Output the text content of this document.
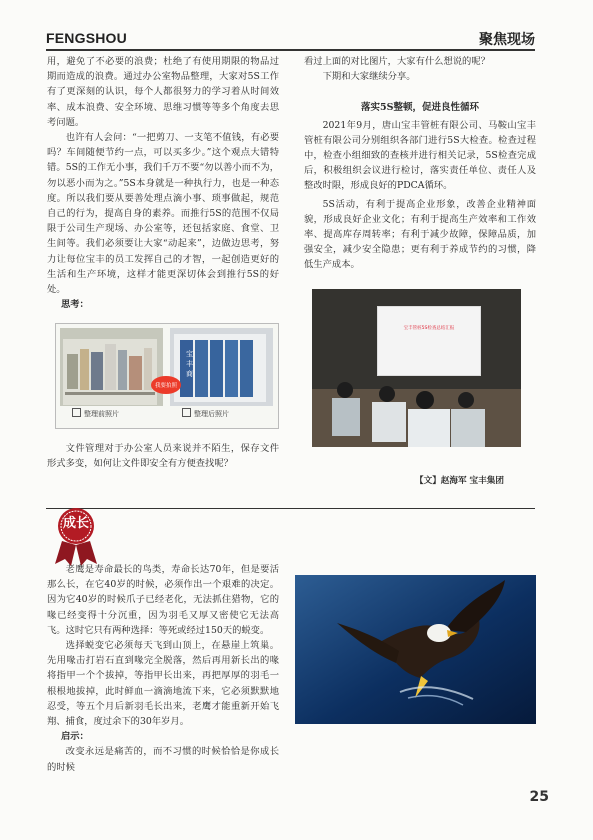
FENGSHOU	聚焦现场

用，避免了不必要的浪费；杜绝了有使用期限的物品过期而造成的浪费。通过办公室物品整理，大家对5S工作有了更深刻的认识，每个人都很努力的学习着从时间效率、成本浪费、安全环境、思维习惯等等多个角度去思考问题。

也许有人会问：“一把剪刀、一支笔不值钱，有必要吗？车间随便节约一点，可以买多少。”这个观点大错特错。5S的工作无小事，我们千万不要“勿以善小而不为，勿以恶小而为之。”5S本身就是一种执行力，也是一种态度。所以我们要从要善处理点滴小事、琐事做起，规范自己的行为，提高自身的素养。而推行5S的范围不仅局限于公司生产现场、办公室等，还包括家庭、食堂、卫生间等。我们必须要让大家“动起来”，边做边思考，努力让每位宝丰的员工发挥自己的才智，一起创造更好的生活和生产环境，这样才能更深切体会到推行5S的好处。

思考：

宝
丰
商
我要拍照
整理前照片	整理后照片

文件管理对于办公室人员来说并不陌生，保存文件形式多变，如何让文件即安全有方便查找呢？

看过上面的对比图片，大家有什么想说的呢？

下期和大家继续分享。

落实5S整顿，促进良性循环

2021年9月，唐山宝丰管桩有限公司、马鞍山宝丰管桩有限公司分别组织各部门进行5S大检查。检查过程中，检查小组细致的查核并进行相关记录，5S检查完成后，积极组织会议进行检讨，落实责任单位、责任人及整改时限，形成良好的PDCA循环。

5S活动，有利于提高企业形象，改善企业精神面貌，形成良好企业文化；有利于提高生产效率和工作效率、提高库存周转率；有利于减少故障，保障品质，加强安全，减少安全隐患；更有利于养成节约的习惯，降低生产成本。

宝丰管桩5S检查总结汇报
【文】赵海军 宝丰集团
成长

老鹰是寿命最长的鸟类，寿命长达70年，但是要活那么长，在它40岁的时候，必须作出一个艰难的决定。因为它40岁的时候爪子已经老化，无法抓住猎物，它的喙已经变得十分沉重，因为羽毛又厚又密使它无法高飞。这时它只有两种选择：等死或经过150天的蜕变。

选择蜕变它必须每天飞到山顶上，在悬崖上筑巢。先用喙击打岩石直到喙完全脱落，然后再用新长出的喙将指甲一个个拔掉，等指甲长出来，再把厚厚的羽毛一根根地拔掉，此时鲜血一滴滴地流下来，它必须默默地忍受，等五个月后新羽毛长出来，老鹰才能重新开始飞翔、捕食，度过余下的30年岁月。

启示：

改变永远是痛苦的，而不习惯的时候恰恰是你成长的时候

25
